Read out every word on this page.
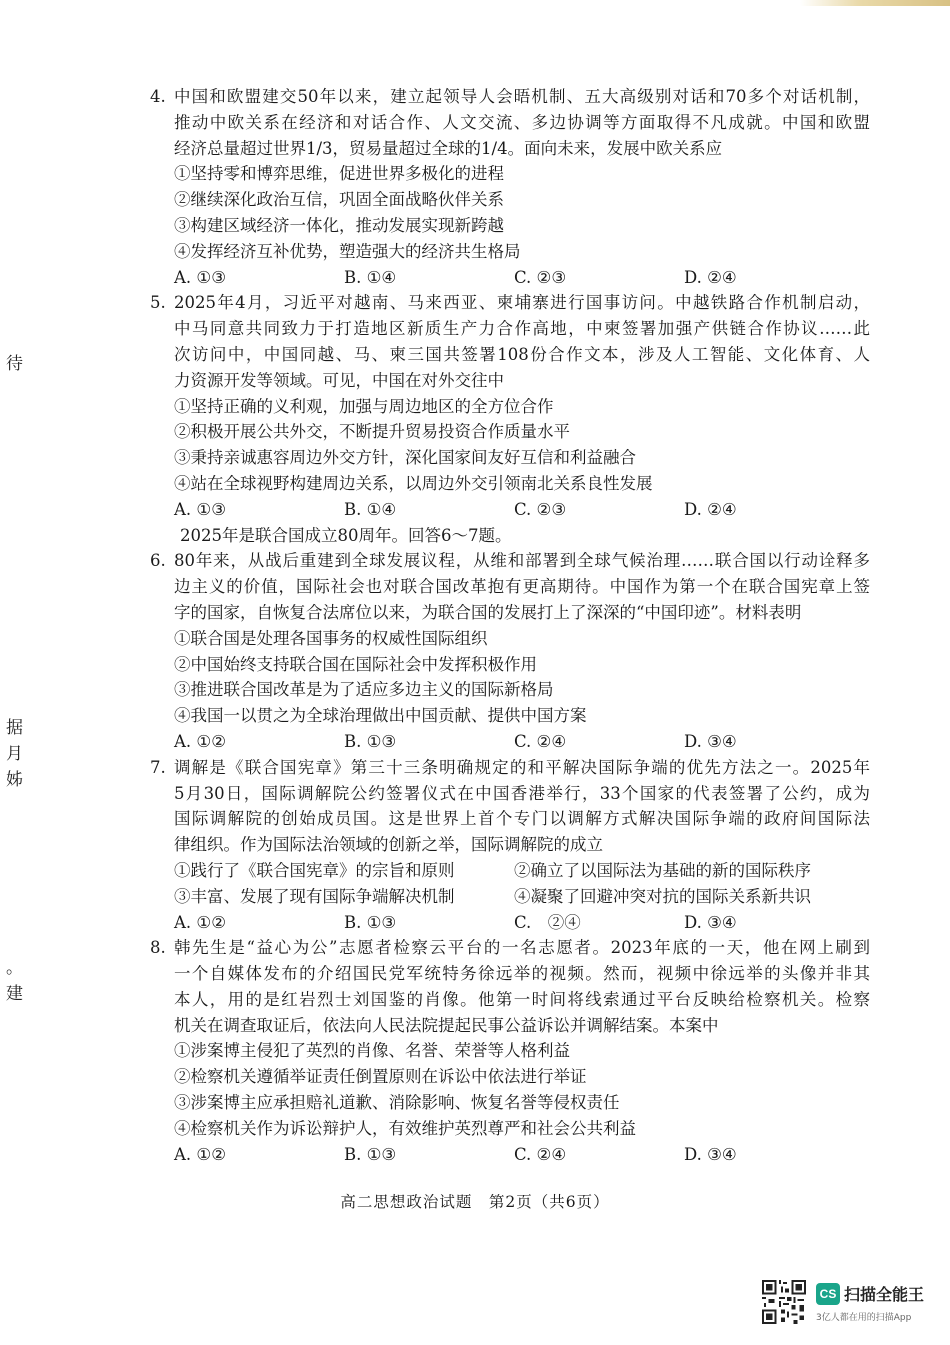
待
据
月
姊
。
建
4. 中国和欧盟建交50年以来，建立起领导人会晤机制、五大高级别对话和70多个对话机制，
推动中欧关系在经济和对话合作、人文交流、多边协调等方面取得不凡成就。中国和欧盟
经济总量超过世界1/3，贸易量超过全球的1/4。面向未来，发展中欧关系应
①坚持零和博弈思维，促进世界多极化的进程
②继续深化政治互信，巩固全面战略伙伴关系
③构建区域经济一体化，推动发展实现新跨越
④发挥经济互补优势，塑造强大的经济共生格局
A. ①③	B. ①④	C. ②③	D. ②④
5. 2025年4月，习近平对越南、马来西亚、柬埔寨进行国事访问。中越铁路合作机制启动，
中马同意共同致力于打造地区新质生产力合作高地，中柬签署加强产供链合作协议……此
次访问中，中国同越、马、柬三国共签署108份合作文本，涉及人工智能、文化体育、人
力资源开发等领域。可见，中国在对外交往中
①坚持正确的义利观，加强与周边地区的全方位合作
②积极开展公共外交，不断提升贸易投资合作质量水平
③秉持亲诚惠容周边外交方针，深化国家间友好互信和利益融合
④站在全球视野构建周边关系，以周边外交引领南北关系良性发展
A. ①③	B. ①④	C. ②③	D. ②④
2025年是联合国成立80周年。回答6～7题。
6. 80年来，从战后重建到全球发展议程，从维和部署到全球气候治理……联合国以行动诠释多
边主义的价值，国际社会也对联合国改革抱有更高期待。中国作为第一个在联合国宪章上签
字的国家，自恢复合法席位以来，为联合国的发展打上了深深的“中国印迹”。材料表明
①联合国是处理各国事务的权威性国际组织
②中国始终支持联合国在国际社会中发挥积极作用
③推进联合国改革是为了适应多边主义的国际新格局
④我国一以贯之为全球治理做出中国贡献、提供中国方案
A. ①②	B. ①③	C. ②④	D. ③④
7. 调解是《联合国宪章》第三十三条明确规定的和平解决国际争端的优先方法之一。2025年
5月30日，国际调解院公约签署仪式在中国香港举行，33个国家的代表签署了公约，成为
国际调解院的创始成员国。这是世界上首个专门以调解方式解决国际争端的政府间国际法
律组织。作为国际法治领域的创新之举，国际调解院的成立
①践行了《联合国宪章》的宗旨和原则	②确立了以国际法为基础的新的国际秩序
③丰富、发展了现有国际争端解决机制	④凝聚了回避冲突对抗的国际关系新共识
A. ①②	B. ①③	C.　②④	D. ③④
8. 韩先生是“益心为公”志愿者检察云平台的一名志愿者。2023年底的一天，他在网上刷到
一个自媒体发布的介绍国民党军统特务徐远举的视频。然而，视频中徐远举的头像并非其
本人，用的是红岩烈士刘国鉴的肖像。他第一时间将线索通过平台反映给检察机关。检察
机关在调查取证后，依法向人民法院提起民事公益诉讼并调解结案。本案中
①涉案博主侵犯了英烈的肖像、名誉、荣誉等人格利益
②检察机关遵循举证责任倒置原则在诉讼中依法进行举证
③涉案博主应承担赔礼道歉、消除影响、恢复名誉等侵权责任
④检察机关作为诉讼辩护人，有效维护英烈尊严和社会公共利益
A. ①②	B. ①③	C. ②④	D. ③④
高二思想政治试题　第2页（共6页）
CS 扫描全能王
3亿人都在用的扫描App
